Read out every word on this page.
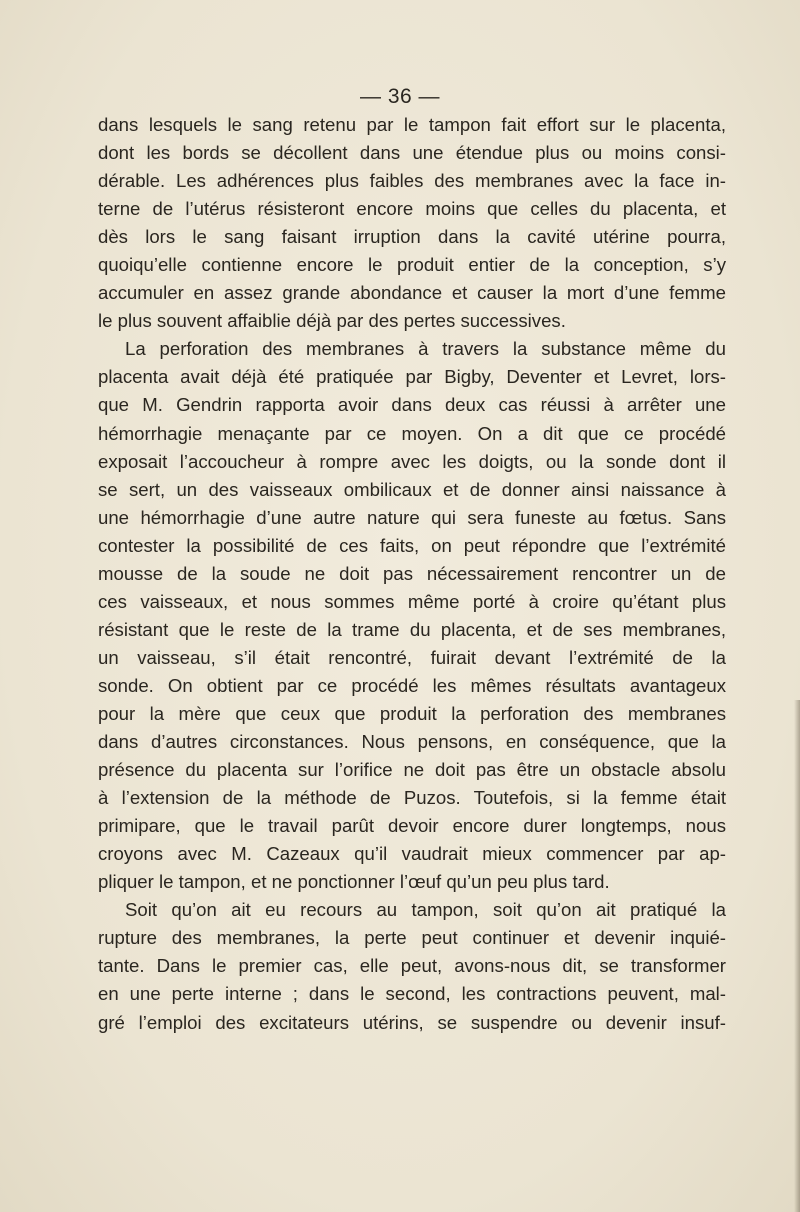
— 36 —
dans lesquels le sang retenu par le tampon fait effort sur le placenta,
dont les bords se décollent dans une étendue plus ou moins consi-
dérable. Les adhérences plus faibles des membranes avec la face in-
terne de l’utérus résisteront encore moins que celles du placenta, et
dès lors le sang faisant irruption dans la cavité utérine pourra,
quoiqu’elle contienne encore le produit entier de la conception, s’y
accumuler en assez grande abondance et causer la mort d’une femme
le plus souvent affaiblie déjà par des pertes successives.
La perforation des membranes à travers la substance même du
placenta avait déjà été pratiquée par Bigby, Deventer et Levret, lors-
que M. Gendrin rapporta avoir dans deux cas réussi à arrêter une
hémorrhagie menaçante par ce moyen. On a dit que ce procédé
exposait l’accoucheur à rompre avec les doigts, ou la sonde dont il
se sert, un des vaisseaux ombilicaux et de donner ainsi naissance à
une hémorrhagie d’une autre nature qui sera funeste au fœtus. Sans
contester la possibilité de ces faits, on peut répondre que l’extrémité
mousse de la soude ne doit pas nécessairement rencontrer un de
ces vaisseaux, et nous sommes même porté à croire qu’étant plus
résistant que le reste de la trame du placenta, et de ses membranes,
un vaisseau, s’il était rencontré, fuirait devant l’extrémité de la
sonde. On obtient par ce procédé les mêmes résultats avantageux
pour la mère que ceux que produit la perforation des membranes
dans d’autres circonstances. Nous pensons, en conséquence, que la
présence du placenta sur l’orifice ne doit pas être un obstacle absolu
à l’extension de la méthode de Puzos. Toutefois, si la femme était
primipare, que le travail parût devoir encore durer longtemps, nous
croyons avec M. Cazeaux qu’il vaudrait mieux commencer par ap-
pliquer le tampon, et ne ponctionner l’œuf qu’un peu plus tard.
Soit qu’on ait eu recours au tampon, soit qu’on ait pratiqué la
rupture des membranes, la perte peut continuer et devenir inquié-
tante. Dans le premier cas, elle peut, avons-nous dit, se transformer
en une perte interne ; dans le second, les contractions peuvent, mal-
gré l’emploi des excitateurs utérins, se suspendre ou devenir insuf-
